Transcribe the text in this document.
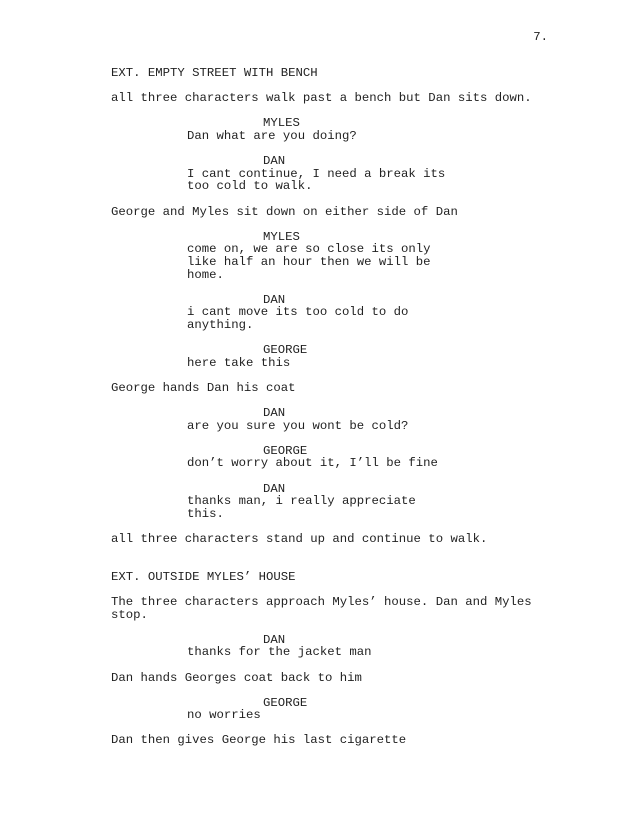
7.
EXT. EMPTY STREET WITH BENCH
all three characters walk past a bench but Dan sits down.
MYLES
Dan what are you doing?
DAN
I cant continue, I need a break its
too cold to walk.
George and Myles sit down on either side of Dan
MYLES
come on, we are so close its only
like half an hour then we will be
home.
DAN
i cant move its too cold to do
anything.
GEORGE
here take this
George hands Dan his coat
DAN
are you sure you wont be cold?
GEORGE
don’t worry about it, I’ll be fine
DAN
thanks man, i really appreciate
this.
all three characters stand up and continue to walk.
EXT. OUTSIDE MYLES’ HOUSE
The three characters approach Myles’ house. Dan and Myles
stop.
DAN
thanks for the jacket man
Dan hands Georges coat back to him
GEORGE
no worries
Dan then gives George his last cigarette
